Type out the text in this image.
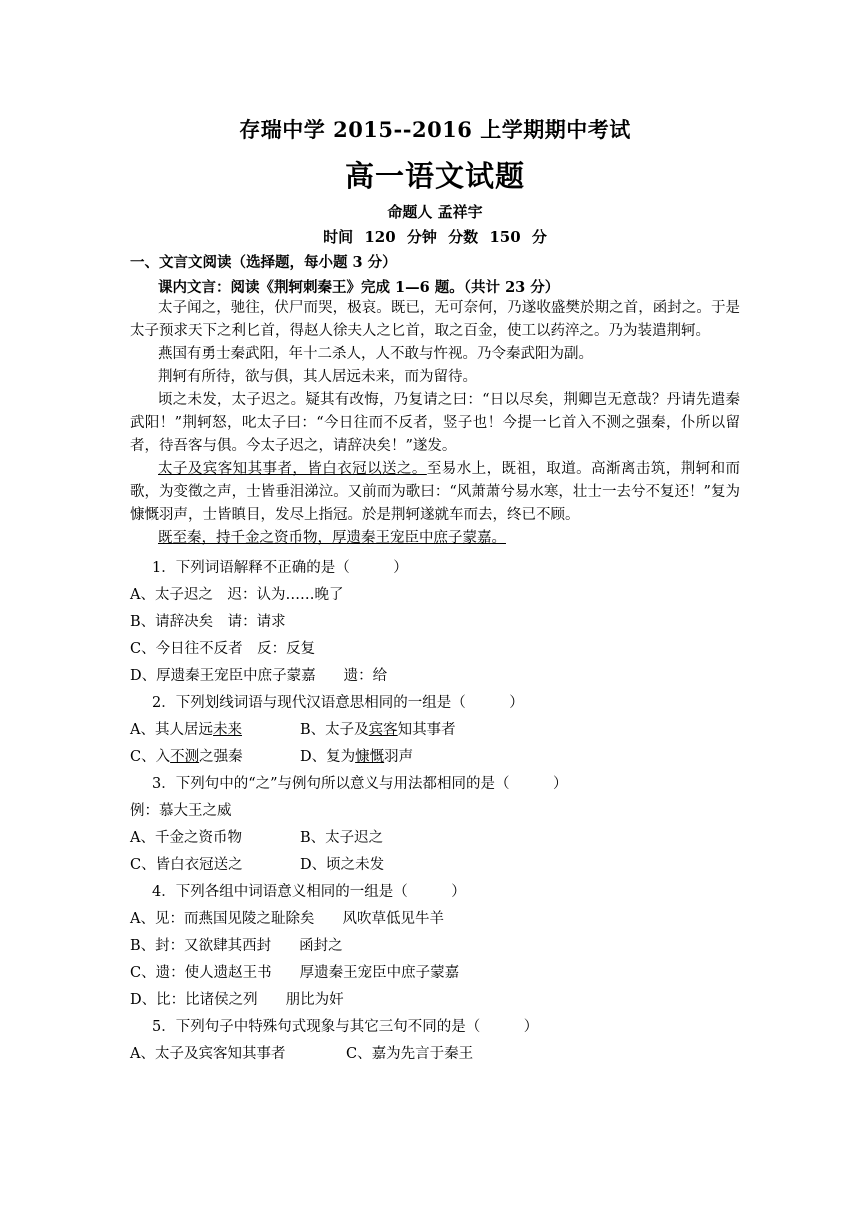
存瑞中学 2015--2016 上学期期中考试
高一语文试题
命题人 孟祥宇
时间 120 分钟 分数 150 分
一、文言文阅读（选择题，每小题 3 分）
课内文言：阅读《荆轲刺秦王》完成 1—6 题。（共计 23 分）

太子闻之，驰往，伏尸而哭，极哀。既已，无可奈何，乃遂收盛樊於期之首，函封之。于是太子预求天下之利匕首，得赵人徐夫人之匕首，取之百金，使工以药淬之。乃为装遣荆轲。

燕国有勇士秦武阳，年十二杀人，人不敢与忤视。乃令秦武阳为副。

荆轲有所待，欲与俱，其人居远未来，而为留待。

顷之未发，太子迟之。疑其有改悔，乃复请之曰：“日以尽矣，荆卿岂无意哉？丹请先遣秦武阳！”荆轲怒，叱太子曰：“今日往而不反者，竖子也！今提一匕首入不测之强秦，仆所以留者，待吾客与俱。今太子迟之，请辞决矣！”遂发。

太子及宾客知其事者，皆白衣冠以送之。至易水上，既祖，取道。高渐离击筑，荆轲和而歌，为变徵之声，士皆垂泪涕泣。又前而为歌曰：“风萧萧兮易水寒，壮士一去兮不复还！”复为慷慨羽声，士皆瞋目，发尽上指冠。於是荆轲遂就车而去，终已不顾。

既至秦，持千金之资币物，厚遗秦王宠臣中庶子蒙嘉。

1．下列词语解释不正确的是（　　　）
A、太子迟之　迟：认为……晚了
B、请辞决矣　请：请求
C、今日往不反者　反：反复
D、厚遗秦王宠臣中庶子蒙嘉 遗：给
2．下列划线词语与现代汉语意思相同的一组是（　　　）
A、其人居远未来	B、太子及宾客知其事者
C、入不测之强秦	D、复为慷慨羽声
3．下列句中的“之”与例句所以意义与用法都相同的是（　　　）
例：慕大王之威
A、千金之资币物	B、太子迟之
C、皆白衣冠送之	D、顷之未发
4．下列各组中词语意义相同的一组是（　　　）
A、见：而燕国见陵之耻除矣 风吹草低见牛羊
B、封：又欲肆其西封 函封之
C、遗：使人遗赵王书 厚遗秦王宠臣中庶子蒙嘉
D、比：比诸侯之列 朋比为奸
5．下列句子中特殊句式现象与其它三句不同的是（　　　）
A、太子及宾客知其事者	C、嘉为先言于秦王
